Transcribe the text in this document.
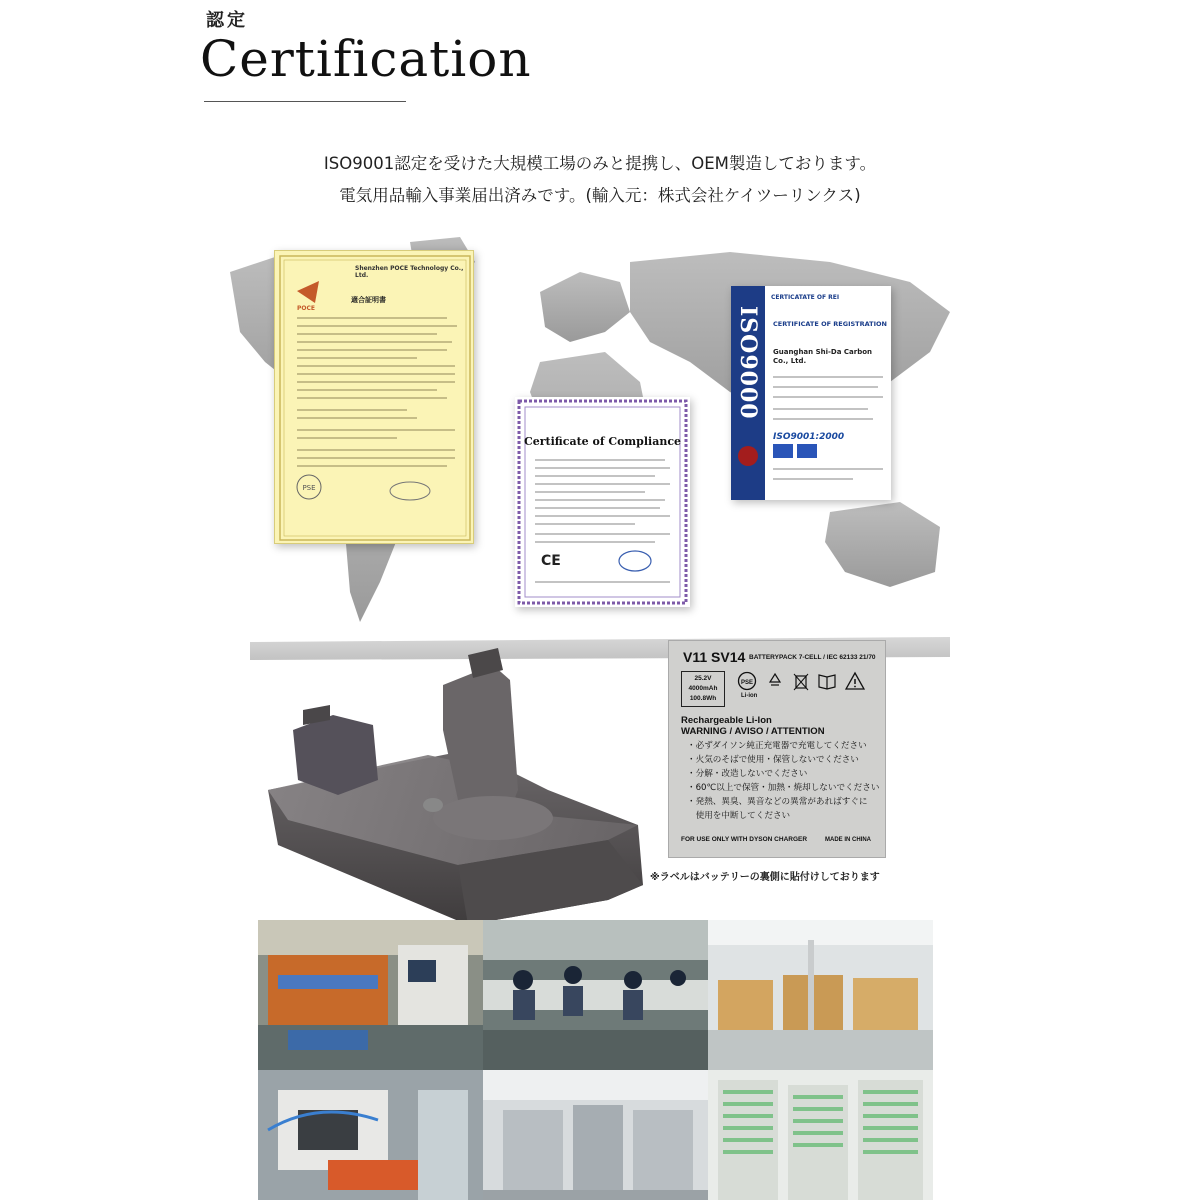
認定
Certification
ISO9001認定を受けた大規模工場のみと提携し、OEM製造しております。
電気用品輸入事業届出済みです。(輸入元：株式会社ケイツーリンクス)
PSE
Shenzhen POCE Technology Co., Ltd.
適合証明書
POCE
Certificate of Compliance
CE
ISO9000
CERTICATATE OF REI
CERTIFICATE OF REGISTRATION
Guanghan Shi-Da Carbon
Co., Ltd.
ISO9001:2000
V11 SV14 BATTERYPACK 7-CELL / IEC 62133 21/70
25.2V
4000mAh
100.8Wh
PSE
Li-ion
Rechargeable Li-Ion
WARNING / AVISO / ATTENTION
・必ずダイソン純正充電器で充電してください
・火気のそばで使用・保管しないでください
・分解・改造しないでください
・60℃以上で保管・加熱・焼却しないでください
・発熱、異臭、異音などの異常があればすぐに
　使用を中断してください
FOR USE ONLY WITH DYSON CHARGER	MADE IN CHINA
※ラベルはバッテリーの裏側に貼付けしております
